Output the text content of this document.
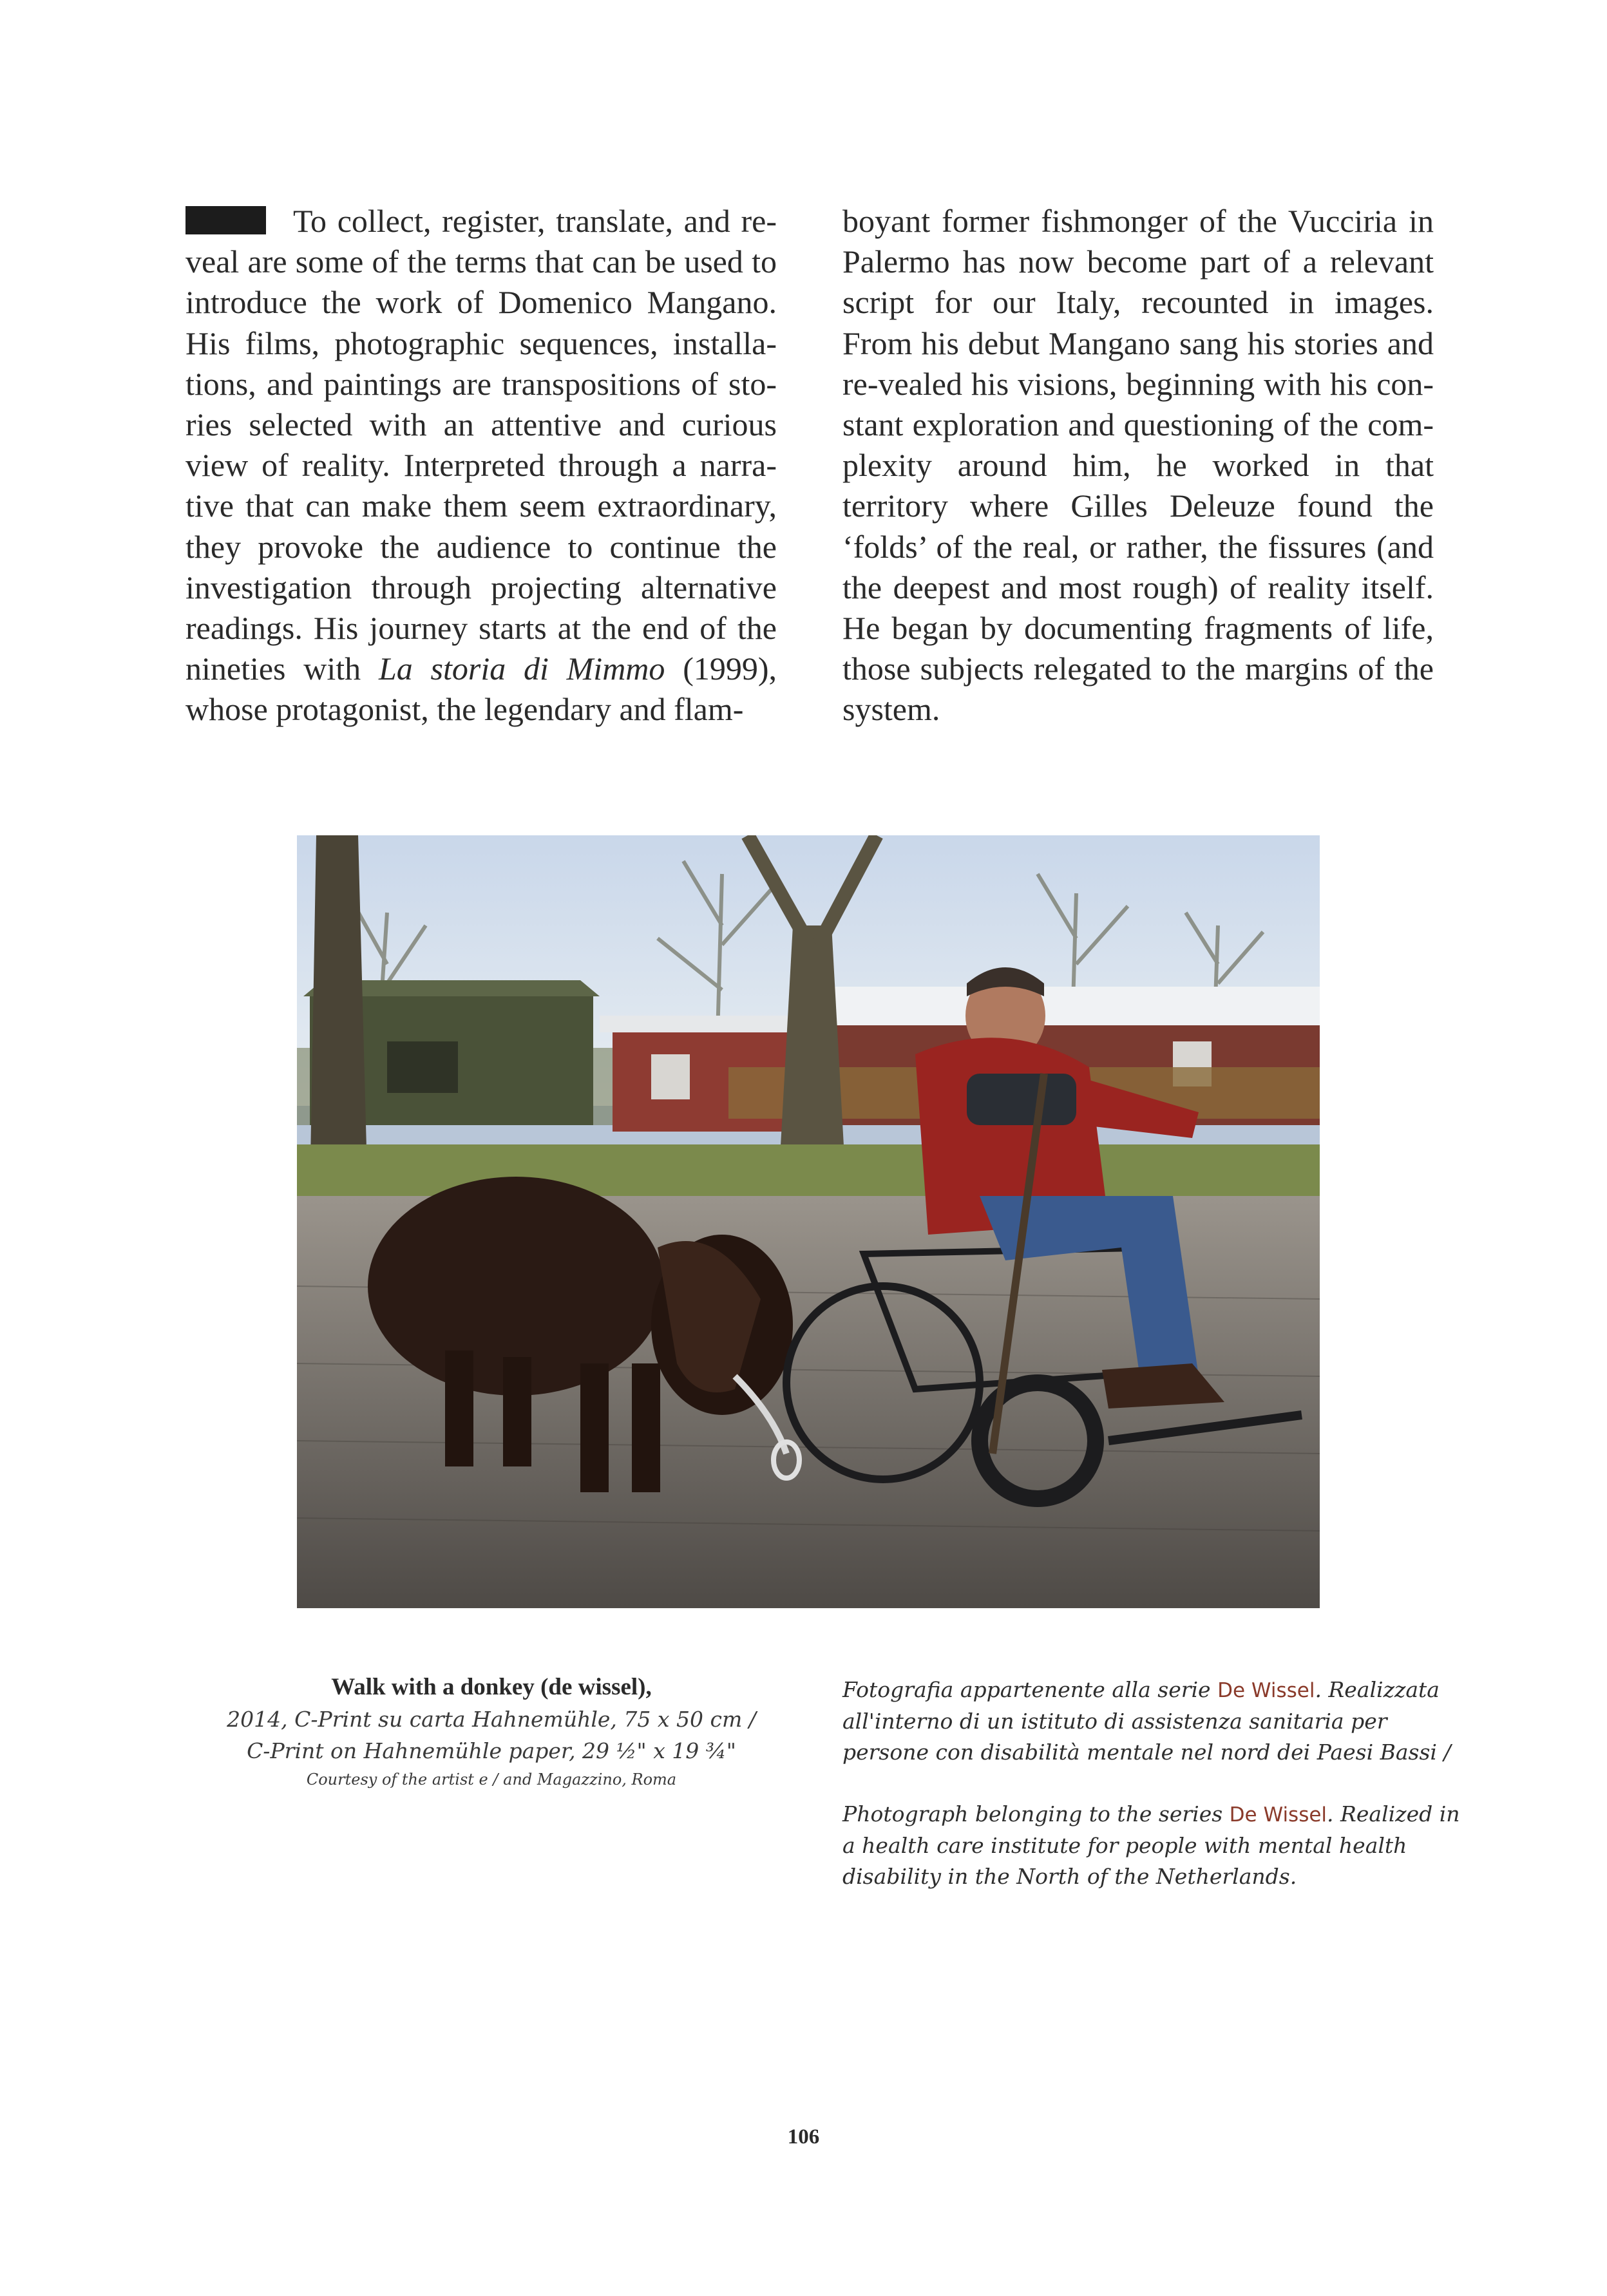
To collect, register, translate, and re-veal are some of the terms that can be used to introduce the work of Domenico Mangano. His films, photographic sequences, installa-tions, and paintings are transpositions of sto-ries selected with an attentive and curious view of reality. Interpreted through a narra-tive that can make them seem extraordinary, they provoke the audience to continue the investigation through projecting alternative readings. His journey starts at the end of the nineties with La storia di Mimmo (1999), whose protagonist, the legendary and flam-

boyant former fishmonger of the Vucciria in Palermo has now become part of a relevant script for our Italy, recounted in images. From his debut Mangano sang his stories and re-vealed his visions, beginning with his con-stant exploration and questioning of the com-plexity around him, he worked in that territory where Gilles Deleuze found the ‘folds’ of the real, or rather, the fissures (and the deepest and most rough) of reality itself. He began by documenting fragments of life, those subjects relegated to the margins of the system.

Walk with a donkey (de wissel),
2014, C-Print su carta Hahnemühle, 75 x 50 cm /
C-Print on Hahnemühle paper, 29 ½" x 19 ¾"
Courtesy of the artist e / and Magazzino, Roma

Fotografia appartenente alla serie De Wissel. Realizzata all'interno di un istituto di assistenza sanitaria per persone con disabilità mentale nel nord dei Paesi Bassi /

Photograph belonging to the series De Wissel. Realized in a health care institute for people with mental health disability in the North of the Netherlands.

106
